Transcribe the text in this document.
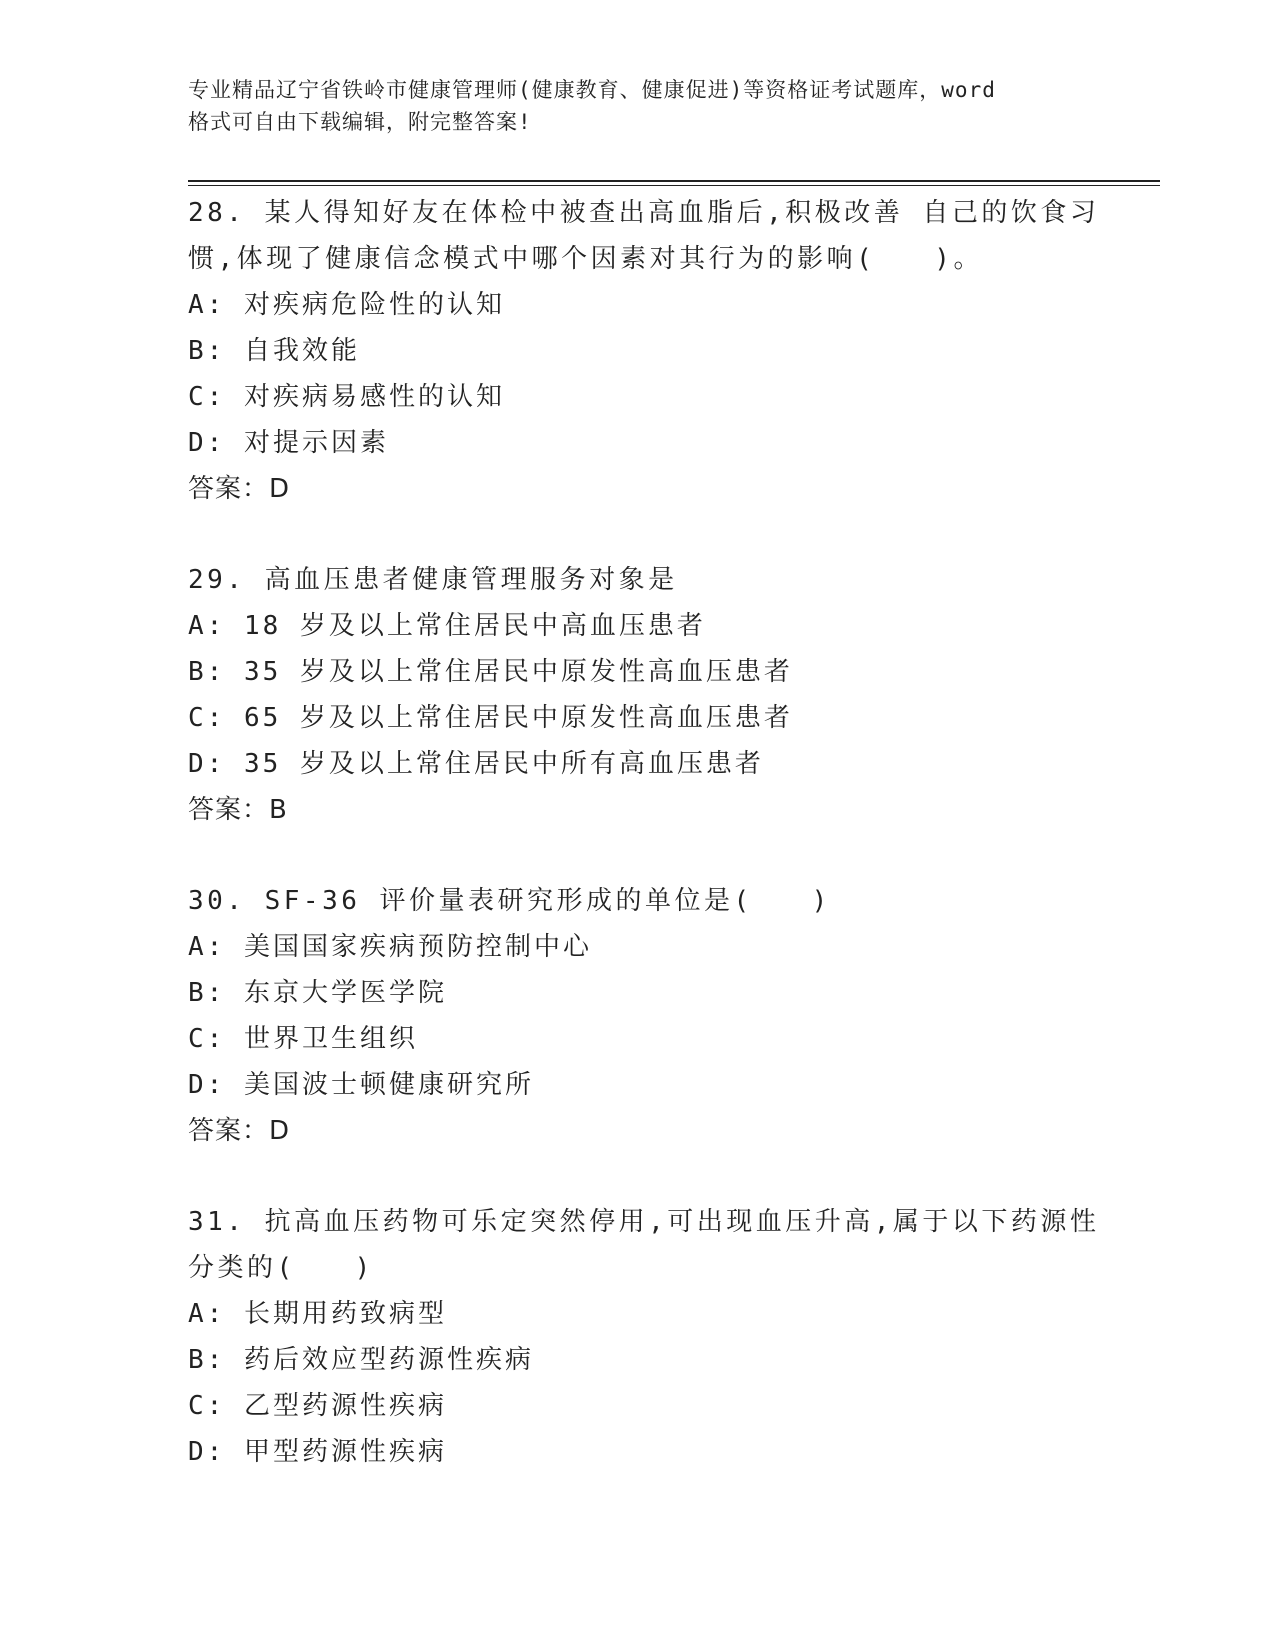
专业精品辽宁省铁岭市健康管理师(健康教育、健康促进)等资格证考试题库，word
格式可自由下载编辑，附完整答案!
28. 某人得知好友在体检中被查出高血脂后,积极改善 自己的饮食习
惯,体现了健康信念模式中哪个因素对其行为的影响(　　)。
A: 对疾病危险性的认知
B: 自我效能
C: 对疾病易感性的认知
D: 对提示因素
答案：D
29. 高血压患者健康管理服务对象是
A: 18 岁及以上常住居民中高血压患者
B: 35 岁及以上常住居民中原发性高血压患者
C: 65 岁及以上常住居民中原发性高血压患者
D: 35 岁及以上常住居民中所有高血压患者
答案：B
30. SF-36 评价量表研究形成的单位是(　　)
A: 美国国家疾病预防控制中心
B: 东京大学医学院
C: 世界卫生组织
D: 美国波士顿健康研究所
答案：D
31. 抗高血压药物可乐定突然停用,可出现血压升高,属于以下药源性
分类的(　　)
A: 长期用药致病型
B: 药后效应型药源性疾病
C: 乙型药源性疾病
D: 甲型药源性疾病
